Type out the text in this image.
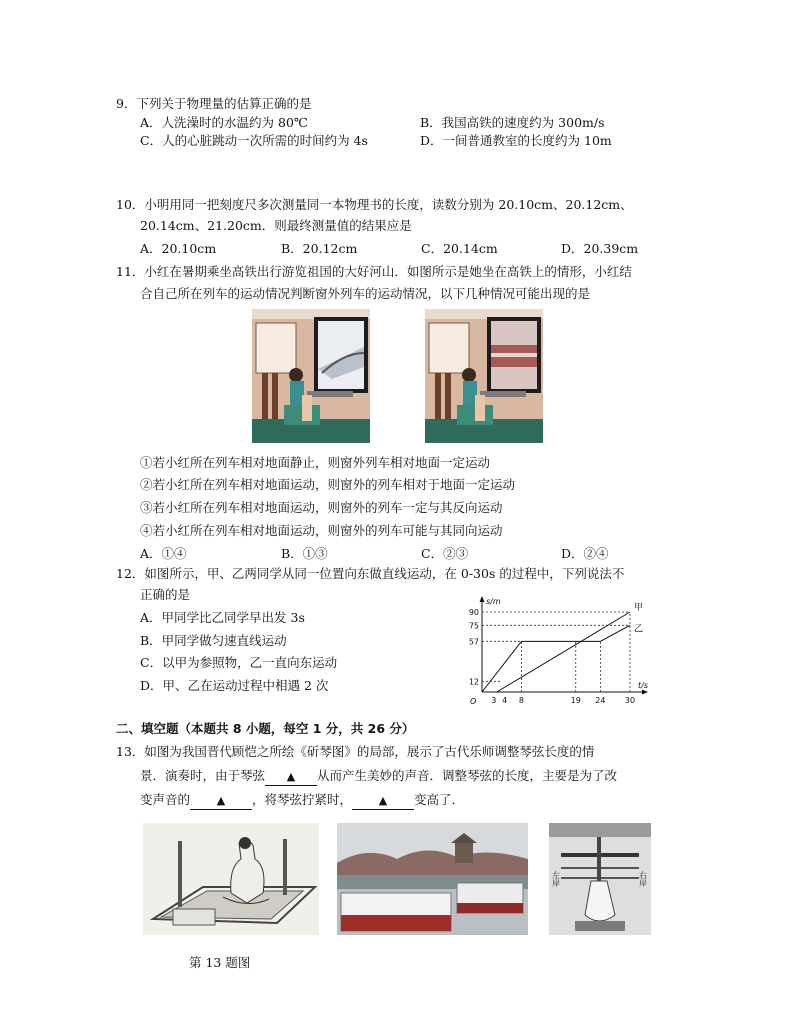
9．下列关于物理量的估算正确的是
A．人洗澡时的水温约为 80℃	B．我国高铁的速度约为 300m/s
C．人的心脏跳动一次所需的时间约为 4s	D．一间普通教室的长度约为 10m
10．小明用同一把刻度尺多次测量同一本物理书的长度，读数分别为 20.10cm、20.12cm、
20.14cm、21.20cm．则最终测量值的结果应是
A．20.10cm	B．20.12cm	C．20.14cm	D．20.39cm
11．小红在暑期乘坐高铁出行游览祖国的大好河山．如图所示是她坐在高铁上的情形，小红结
合自己所在列车的运动情况判断窗外列车的运动情况，以下几种情况可能出现的是
①若小红所在列车相对地面静止，则窗外列车相对地面一定运动
②若小红所在列车相对地面运动，则窗外的列车相对于地面一定运动
③若小红所在列车相对地面运动，则窗外的列车一定与其反向运动
④若小红所在列车相对地面运动，则窗外的列车可能与其同向运动
A．①④	B．①③	C．②③	D．②④
12．如图所示，甲、乙两同学从同一位置向东做直线运动，在 0-30s 的过程中，下列说法不
正确的是
A．甲同学比乙同学早出发 3s
B．甲同学做匀速直线运动
C．以甲为参照物，乙一直向东运动
D．甲、乙在运动过程中相遇 2 次
s/m
t/s
O
12
57
75
90
3 4 8	19 24 30
甲
乙
二、填空题（本题共 8 小题，每空 1 分，共 26 分）
13．如图为我国晋代顾恺之所绘《斫琴图》的局部，展示了古代乐师调整琴弦长度的情
景．演奏时，由于琴弦 ▲ 从而产生美妙的声音．调整琴弦的长度，主要是为了改
变声音的 ▲ ，将琴弦拧紧时， ▲ 变高了．
左岸	右岸
第 13 题图
